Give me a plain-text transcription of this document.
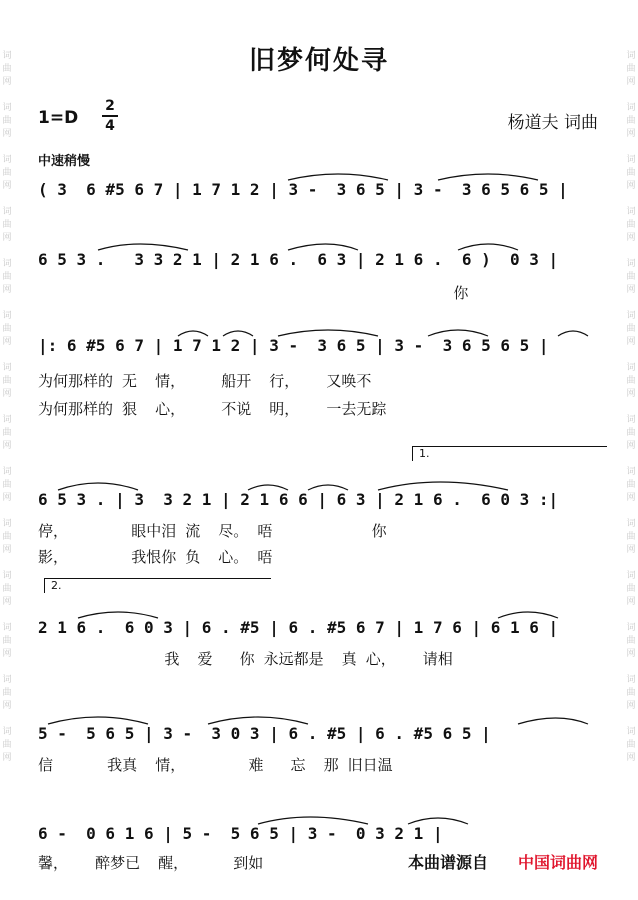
词
曲
网

词
曲
网

词
曲
网

词
曲
网

词
曲
网

词
曲
网

词
曲
网

词
曲
网

词
曲
网

词
曲
网

词
曲
网

词
曲
网

词
曲
网

词
曲
网
词
曲
网

词
曲
网

词
曲
网

词
曲
网

词
曲
网

词
曲
网

词
曲
网

词
曲
网

词
曲
网

词
曲
网

词
曲
网

词
曲
网

词
曲
网

词
曲
网
旧梦何处寻
1=D
2
4	杨道夫 词曲
中速稍慢
( 3  6 #5 6 7 | 1 7 1 2 | 3 -  3 6 5 | 3 -  3 6 5 6 5 |
6 5 3 .   3 3 2 1 | 2 1 6 .  6 3 | 2 1 6 .  6 )  0 3 |
你
|: 6 #5 6 7 | 1 7 1 2 | 3 -  3 6 5 | 3 -  3 6 5 6 5 |
为何那样的 无  情，    船开  行，   又唤不
为何那样的 狠  心，    不说  明，   一去无踪
1.
6 5 3 . | 3  3 2 1 | 2 1 6 6 | 6 3 | 2 1 6 .  6 0 3 :|
停，       眼中泪 流  尽。 唔           你
影，       我恨你 负  心。 唔
2.
2 1 6 .  6 0 3 | 6 . #5 | 6 . #5 6 7 | 1 7 6 | 6 1 6 |
我  爱   你 永远都是  真 心，   请相
5 -  5 6 5 | 3 -  3 0 3 | 6 . #5 | 6 . #5 6 5 |
信      我真  情，       难   忘  那 旧日温
6 -  0 6 1 6 | 5 -  5 6 5 | 3 -  0 3 2 1 |
馨，   醉梦已  醒，     到如	本曲谱源自 中国词曲网
